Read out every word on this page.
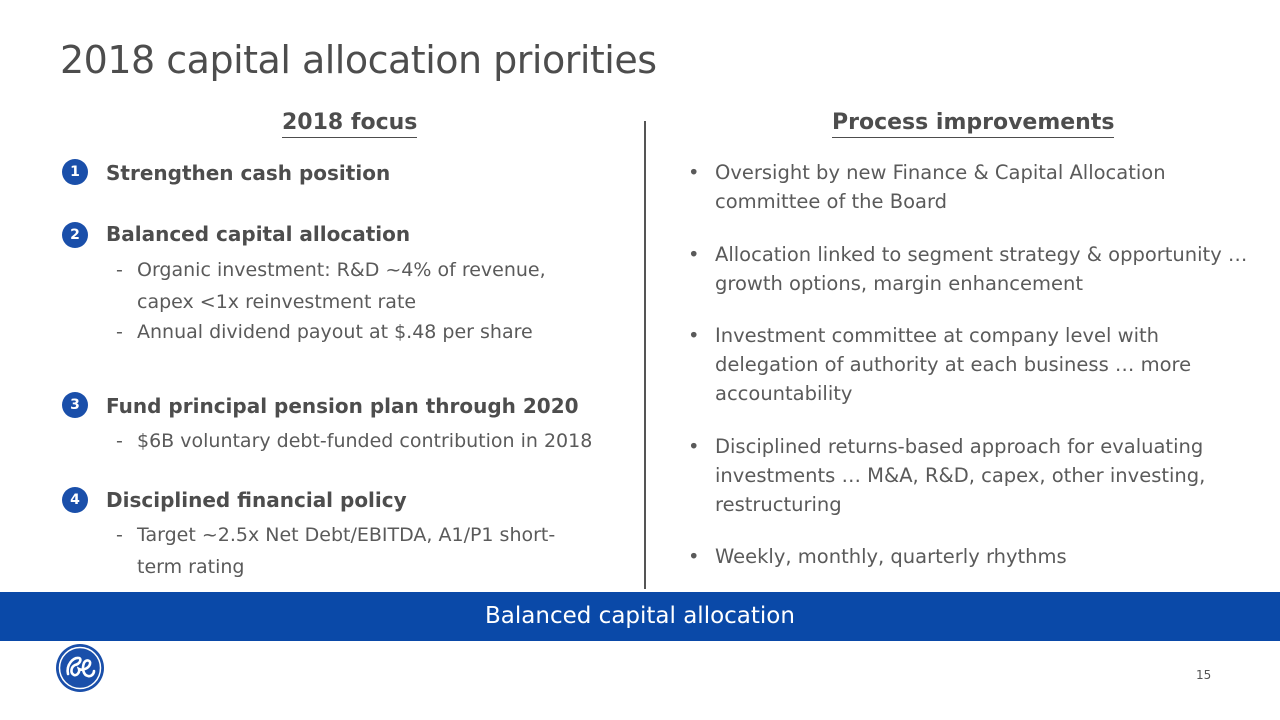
2018 capital allocation priorities
2018 focus	Process improvements
1	Strengthen cash position
2	Balanced capital allocation
- Organic investment: R&D ~4% of revenue, capex <1x reinvestment rate
- Annual dividend payout at $.48 per share
3	Fund principal pension plan through 2020
- $6B voluntary debt-funded contribution in 2018
4	Disciplined financial policy
- Target ~2.5x Net Debt/EBITDA, A1/P1 short-term rating
• Oversight by new Finance & Capital Allocation committee of the Board
• Allocation linked to segment strategy & opportunity … growth options, margin enhancement
• Investment committee at company level with delegation of authority at each business … more accountability
• Disciplined returns-based approach for evaluating investments … M&A, R&D, capex, other investing, restructuring
• Weekly, monthly, quarterly rhythms
Balanced capital allocation
15
